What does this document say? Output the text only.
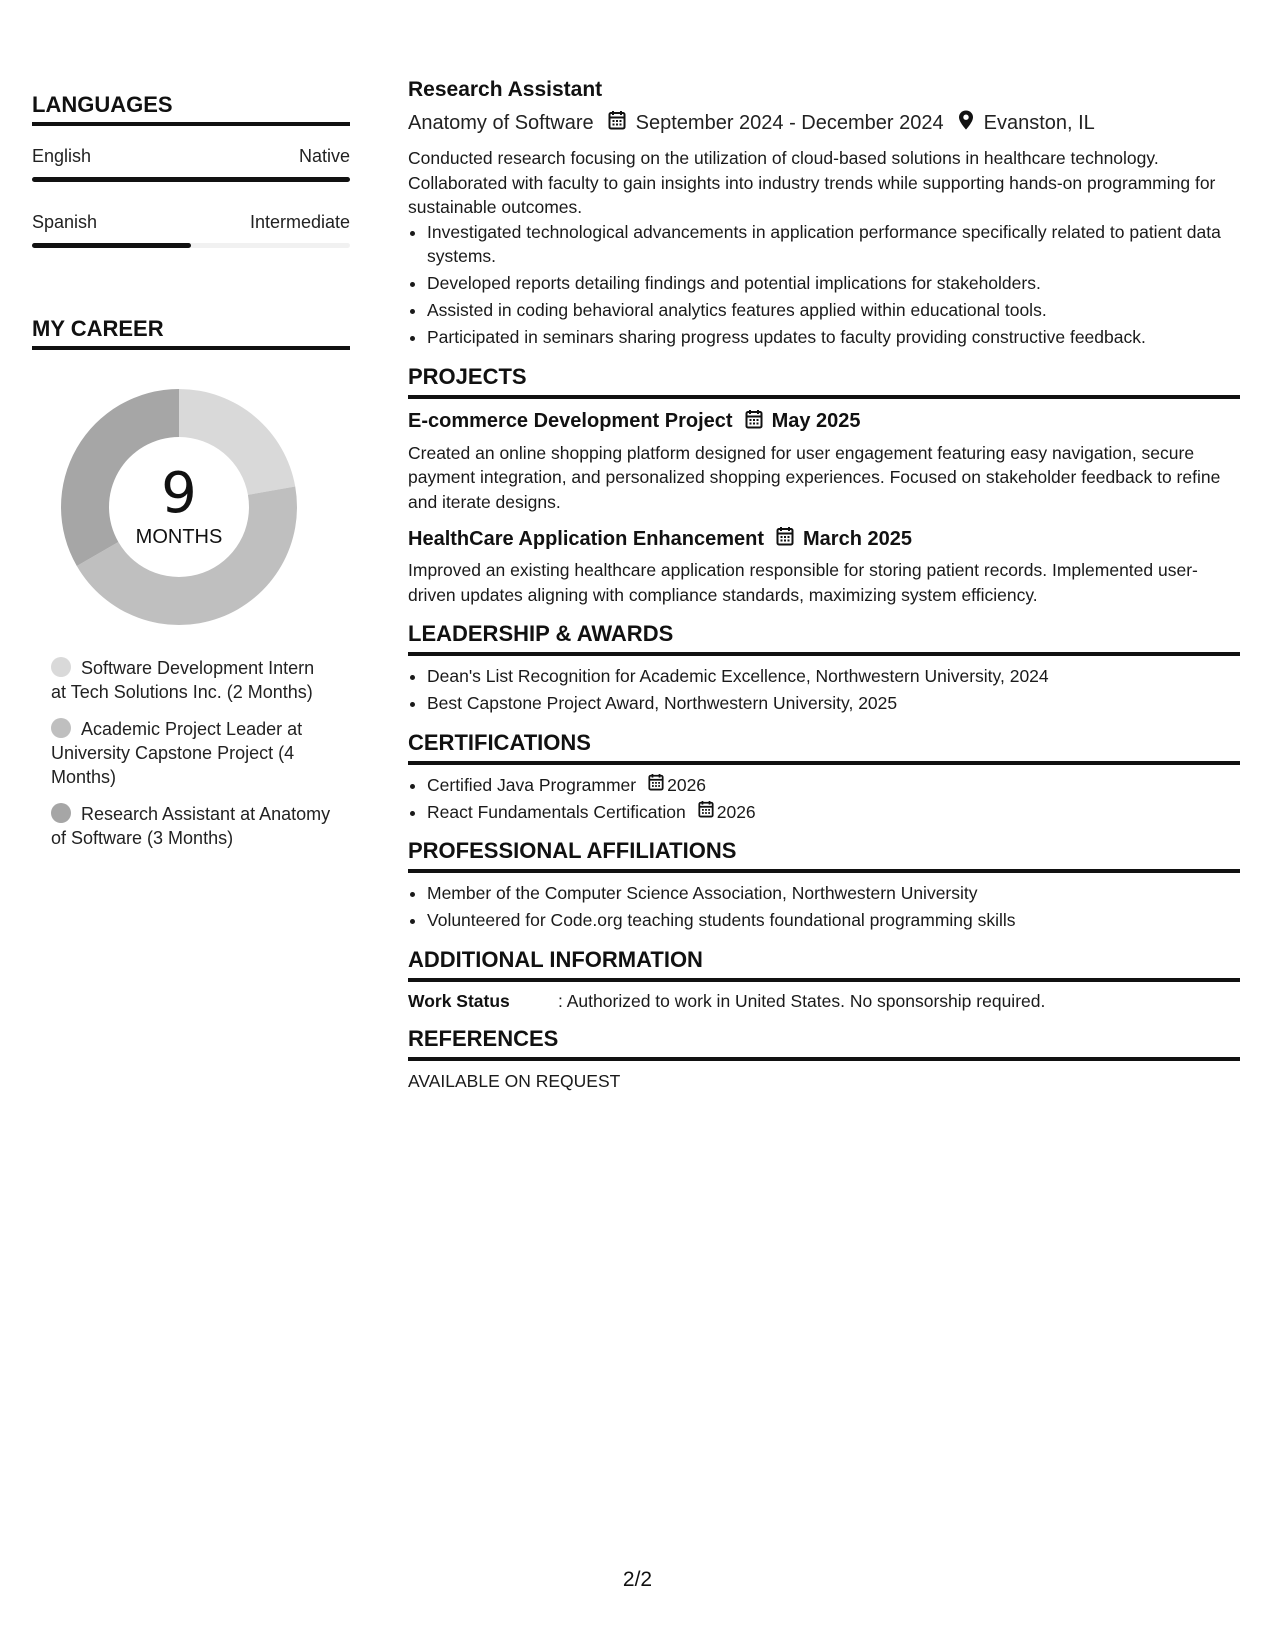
LANGUAGES
English	Native
Spanish	Intermediate
MY CAREER
9
MONTHS
Software Development Intern at Tech Solutions Inc. (2 Months)
Academic Project Leader at University Capstone Project (4 Months)
Research Assistant at Anatomy of Software (3 Months)
Research Assistant
Anatomy of Software September 2024 - December 2024 Evanston, IL

Conducted research focusing on the utilization of cloud-based solutions in healthcare technology. Collaborated with faculty to gain insights into industry trends while supporting hands-on programming for sustainable outcomes.

• Investigated technological advancements in application performance specifically related to patient data systems.
• Developed reports detailing findings and potential implications for stakeholders.
• Assisted in coding behavioral analytics features applied within educational tools.
• Participated in seminars sharing progress updates to faculty providing constructive feedback.
PROJECTS
E-commerce Development Project May 2025

Created an online shopping platform designed for user engagement featuring easy navigation, secure payment integration, and personalized shopping experiences. Focused on stakeholder feedback to refine and iterate designs.

HealthCare Application Enhancement March 2025

Improved an existing healthcare application responsible for storing patient records. Implemented user-driven updates aligning with compliance standards, maximizing system efficiency.

LEADERSHIP & AWARDS
• Dean's List Recognition for Academic Excellence, Northwestern University, 2024
• Best Capstone Project Award, Northwestern University, 2025
CERTIFICATIONS
• Certified Java Programmer 2026
• React Fundamentals Certification 2026
PROFESSIONAL AFFILIATIONS
• Member of the Computer Science Association, Northwestern University
• Volunteered for Code.org teaching students foundational programming skills
ADDITIONAL INFORMATION
Work Status	: Authorized to work in United States. No sponsorship required.
REFERENCES
AVAILABLE ON REQUEST
2/2
